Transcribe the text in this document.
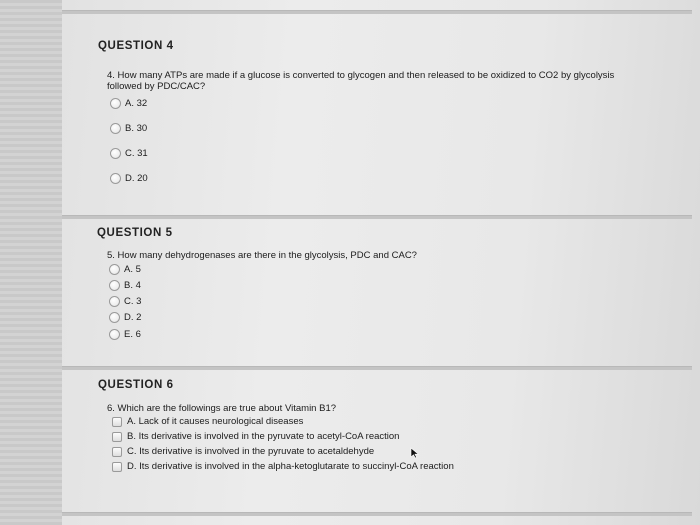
QUESTION 4
4. How many ATPs are made if a glucose is converted to glycogen and then released to be oxidized to CO2 by glycolysis
followed by PDC/CAC?
A. 32
B. 30
C. 31
D. 20
QUESTION 5
5. How many dehydrogenases are there in the glycolysis, PDC and CAC?
A. 5
B. 4
C. 3
D. 2
E. 6
QUESTION 6
6. Which are the followings are true about Vitamin B1?
A. Lack of it causes neurological diseases
B. Its derivative is involved in the pyruvate to acetyl-CoA reaction
C. Its derivative is involved in the pyruvate to acetaldehyde
D. Its derivative is involved in the alpha-ketoglutarate to succinyl-CoA reaction
